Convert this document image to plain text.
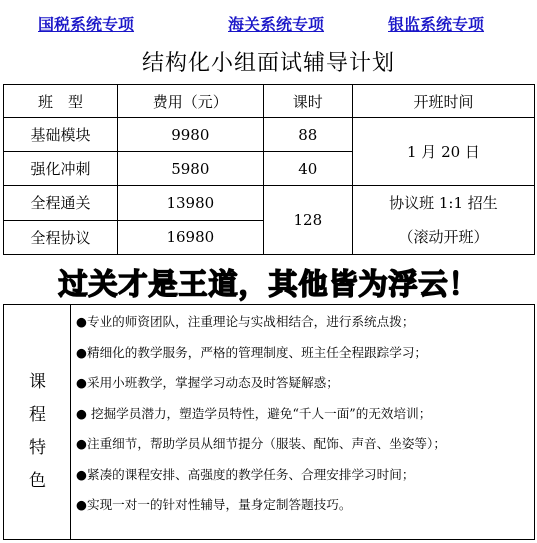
国税系统专项	海关系统专项	银监系统专项
结构化小组面试辅导计划
班　型	费用（元）	课时	开班时间
基础模块	9980	88	1 月 20 日
强化冲刺	5980	40	
全程通关	13980	128	协议班 1:1 招生
（滚动开班）

全程协议	16980		
过关才是王道，其他皆为浮云！
课
程
特
色
●专业的师资团队，注重理论与实战相结合，进行系统点拨；
●精细化的教学服务，严格的管理制度、班主任全程跟踪学习；
●采用小班教学，掌握学习动态及时答疑解惑；
● 挖掘学员潜力，塑造学员特性，避免“千人一面”的无效培训；
●注重细节，帮助学员从细节提分（服装、配饰、声音、坐姿等）；
●紧凑的课程安排、高强度的教学任务、合理安排学习时间；
●实现一对一的针对性辅导，量身定制答题技巧。
